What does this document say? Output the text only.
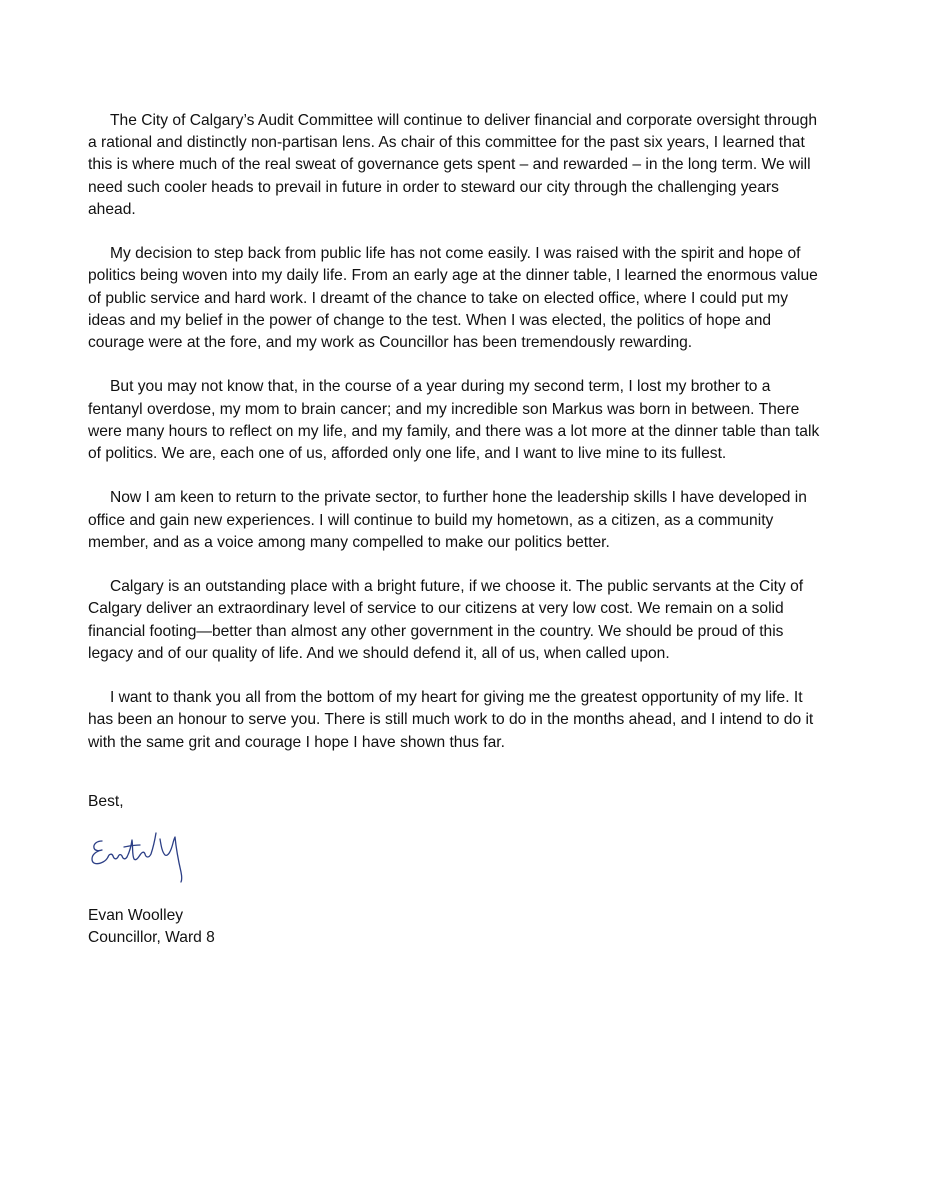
The City of Calgary’s Audit Committee will continue to deliver financial and corporate oversight through a rational and distinctly non-partisan lens. As chair of this committee for the past six years, I learned that this is where much of the real sweat of governance gets spent – and rewarded – in the long term. We will need such cooler heads to prevail in future in order to steward our city through the challenging years ahead.

My decision to step back from public life has not come easily. I was raised with the spirit and hope of politics being woven into my daily life. From an early age at the dinner table, I learned the enormous value of public service and hard work. I dreamt of the chance to take on elected office, where I could put my ideas and my belief in the power of change to the test. When I was elected, the politics of hope and courage were at the fore, and my work as Councillor has been tremendously rewarding.

But you may not know that, in the course of a year during my second term, I lost my brother to a fentanyl overdose, my mom to brain cancer; and my incredible son Markus was born in between. There were many hours to reflect on my life, and my family, and there was a lot more at the dinner table than talk of politics. We are, each one of us, afforded only one life, and I want to live mine to its fullest.

Now I am keen to return to the private sector, to further hone the leadership skills I have developed in office and gain new experiences. I will continue to build my hometown, as a citizen, as a community member, and as a voice among many compelled to make our politics better.

Calgary is an outstanding place with a bright future, if we choose it. The public servants at the City of Calgary deliver an extraordinary level of service to our citizens at very low cost. We remain on a solid financial footing—better than almost any other government in the country. We should be proud of this legacy and of our quality of life. And we should defend it, all of us, when called upon.

I want to thank you all from the bottom of my heart for giving me the greatest opportunity of my life. It has been an honour to serve you. There is still much work to do in the months ahead, and I intend to do it with the same grit and courage I hope I have shown thus far.

Best,

Evan Woolley

Councillor, Ward 8
